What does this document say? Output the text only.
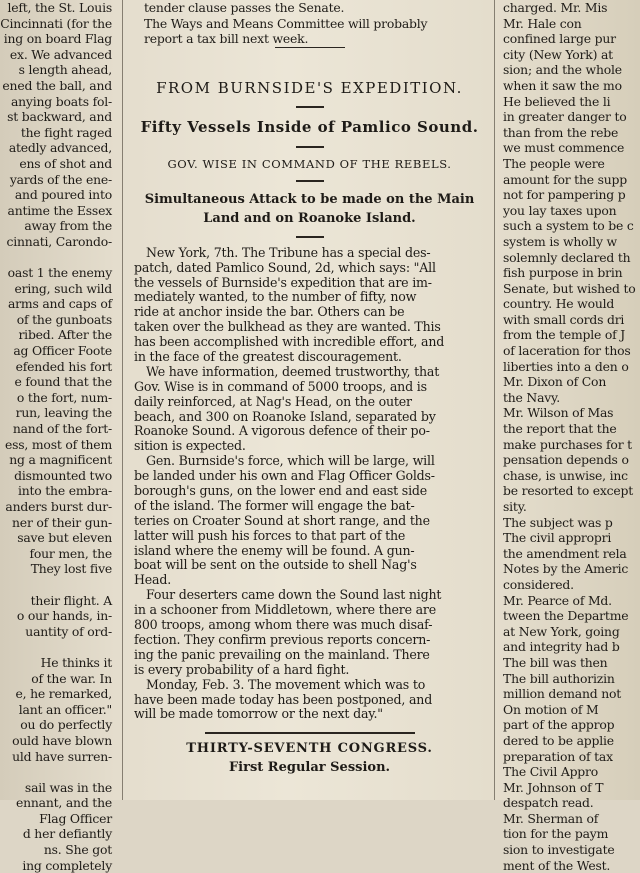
left, the St. Louis
Cincinnati (for the
ing on board Flag
ex. We advanced
s length ahead,
ened the ball, and
anying boats fol-
st backward, and
the fight raged
atedly advanced,
ens of shot and
yards of the ene-
and poured into
antime the Essex
away from the
cinnati, Carondo-
oast 1 the enemy
ering, such wild
arms and caps of
of the gunboats
ribed. After the
ag Officer Foote
efended his fort
e found that the
o the fort, num-
run, leaving the
nand of the fort-
ess, most of them
ng a magnificent
dismounted two
into the embra-
anders burst dur-
ner of their gun-
save but eleven
four men, the
They lost five
their flight. A
o our hands, in-
uantity of ord-
He thinks it
of the war. In
e, he remarked,
lant an officer."
ou do perfectly
ould have blown
uld have surren-
sail was in the
ennant, and the
Flag Officer
d her defiantly
ns. She got
ing completely
tender clause passes the Senate.
The Ways and Means Committee will probably
report a tax bill next week.
FROM BURNSIDE'S EXPEDITION.
Fifty Vessels Inside of Pamlico Sound.

GOV. WISE IN COMMAND OF THE REBELS.

Simultaneous Attack to be made on the Main Land and on Roanoke Island.

New York, 7th. The Tribune has a special des-
patch, dated Pamlico Sound, 2d, which says: "All
the vessels of Burnside's expedition that are im-
mediately wanted, to the number of fifty, now
ride at anchor inside the bar. Others can be
taken over the bulkhead as they are wanted. This
has been accomplished with incredible effort, and
in the face of the greatest discouragement.
We have information, deemed trustworthy, that
Gov. Wise is in command of 5000 troops, and is
daily reinforced, at Nag's Head, on the outer
beach, and 300 on Roanoke Island, separated by
Roanoke Sound. A vigorous defence of their po-
sition is expected.
Gen. Burnside's force, which will be large, will
be landed under his own and Flag Officer Golds-
borough's guns, on the lower end and east side
of the island. The former will engage the bat-
teries on Croater Sound at short range, and the
latter will push his forces to that part of the
island where the enemy will be found. A gun-
boat will be sent on the outside to shell Nag's
Head.
Four deserters came down the Sound last night
in a schooner from Middletown, where there are
800 troops, among whom there was much disaf-
fection. They confirm previous reports concern-
ing the panic prevailing on the mainland. There
is every probability of a hard fight.
Monday, Feb. 3. The movement which was to
have been made today has been postponed, and
will be made tomorrow or the next day."

THIRTY-SEVENTH CONGRESS.

First Regular Session.

charged. Mr. Mis
Mr. Hale con
confined large pur
city (New York) at
sion; and the whole
when it saw the mo
He believed the li
in greater danger to
than from the rebe
we must commence
The people were
amount for the supp
not for pampering p
you lay taxes upon
such a system to be c
system is wholly w
solemnly declared th
fish purpose in brin
Senate, but wished to
country. He would
with small cords dri
from the temple of J
of laceration for thos
liberties into a den o
Mr. Dixon of Con
the Navy.
Mr. Wilson of Mas
the report that the
make purchases for t
pensation depends o
chase, is unwise, inc
be resorted to except
sity.
The subject was p
The civil appropri
the amendment rela
Notes by the Americ
considered.
Mr. Pearce of Md.
tween the Departme
at New York, going
and integrity had b
The bill was then
The bill authorizin
million demand not
On motion of M
part of the approp
dered to be applie
preparation of tax
The Civil Appro
Mr. Johnson of T
despatch read.
Mr. Sherman of
tion for the paym
sion to investigate
ment of the West.
